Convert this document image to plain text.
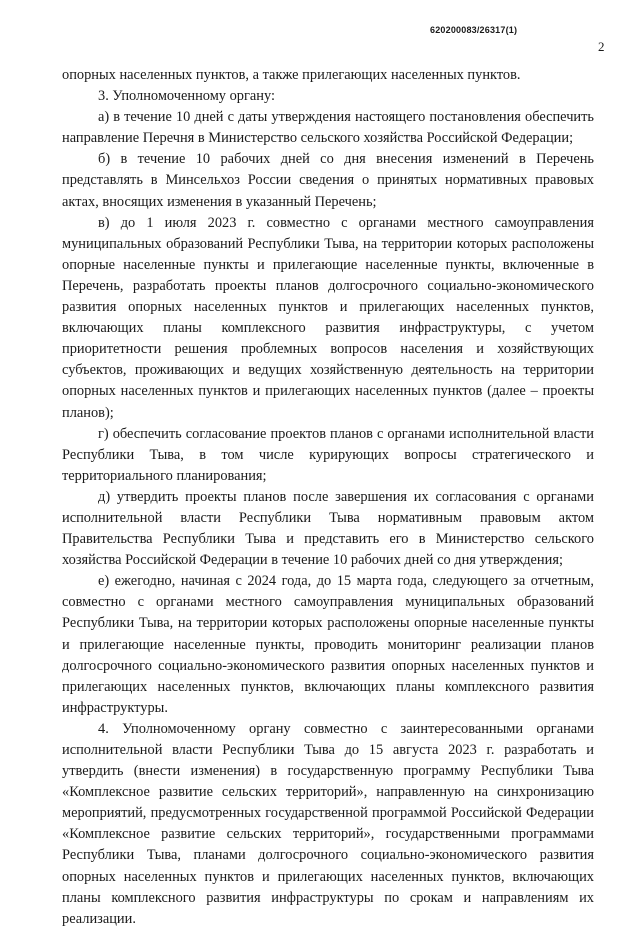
620200083/26317(1)
2

опорных населенных пунктов, а также прилегающих населенных пунктов.

3. Уполномоченному органу:

а) в течение 10 дней с даты утверждения настоящего постановления обеспечить направление Перечня в Министерство сельского хозяйства Российской Федерации;

б) в течение 10 рабочих дней со дня внесения изменений в Перечень представлять в Минсельхоз России сведения о принятых нормативных правовых актах, вносящих изменения в указанный Перечень;

в) до 1 июля 2023 г. совместно с органами местного самоуправления муниципальных образований Республики Тыва, на территории которых расположены опорные населенные пункты и прилегающие населенные пункты, включенные в Перечень, разработать проекты планов долгосрочного социально-экономического развития опорных населенных пунктов и прилегающих населенных пунктов, включающих планы комплексного развития инфраструктуры, с учетом приоритетности решения проблемных вопросов населения и хозяйствующих субъектов, проживающих и ведущих хозяйственную деятельность на территории опорных населенных пунктов и прилегающих населенных пунктов (далее – проекты планов);

г) обеспечить согласование проектов планов с органами исполнительной власти Республики Тыва, в том числе курирующих вопросы стратегического и территориального планирования;

д) утвердить проекты планов после завершения их согласования с органами исполнительной власти Республики Тыва нормативным правовым актом Правительства Республики Тыва и представить его в Министерство сельского хозяйства Российской Федерации в течение 10 рабочих дней со дня утверждения;

е) ежегодно, начиная с 2024 года, до 15 марта года, следующего за отчетным, совместно с органами местного самоуправления муниципальных образований Республики Тыва, на территории которых расположены опорные населенные пункты и прилегающие населенные пункты, проводить мониторинг реализации планов долгосрочного социально-экономического развития опорных населенных пунктов и прилегающих населенных пунктов, включающих планы комплексного развития инфраструктуры.

4. Уполномоченному органу совместно с заинтересованными органами исполнительной власти Республики Тыва до 15 августа 2023 г. разработать и утвердить (внести изменения) в государственную программу Республики Тыва «Комплексное развитие сельских территорий», направленную на синхронизацию мероприятий, предусмотренных государственной программой Российской Федерации «Комплексное развитие сельских территорий», государственными программами Республики Тыва, планами долгосрочного социально-экономического развития опорных населенных пунктов и прилегающих населенных пунктов, включающих планы комплексного развития инфраструктуры по срокам и направлениям их реализации.
